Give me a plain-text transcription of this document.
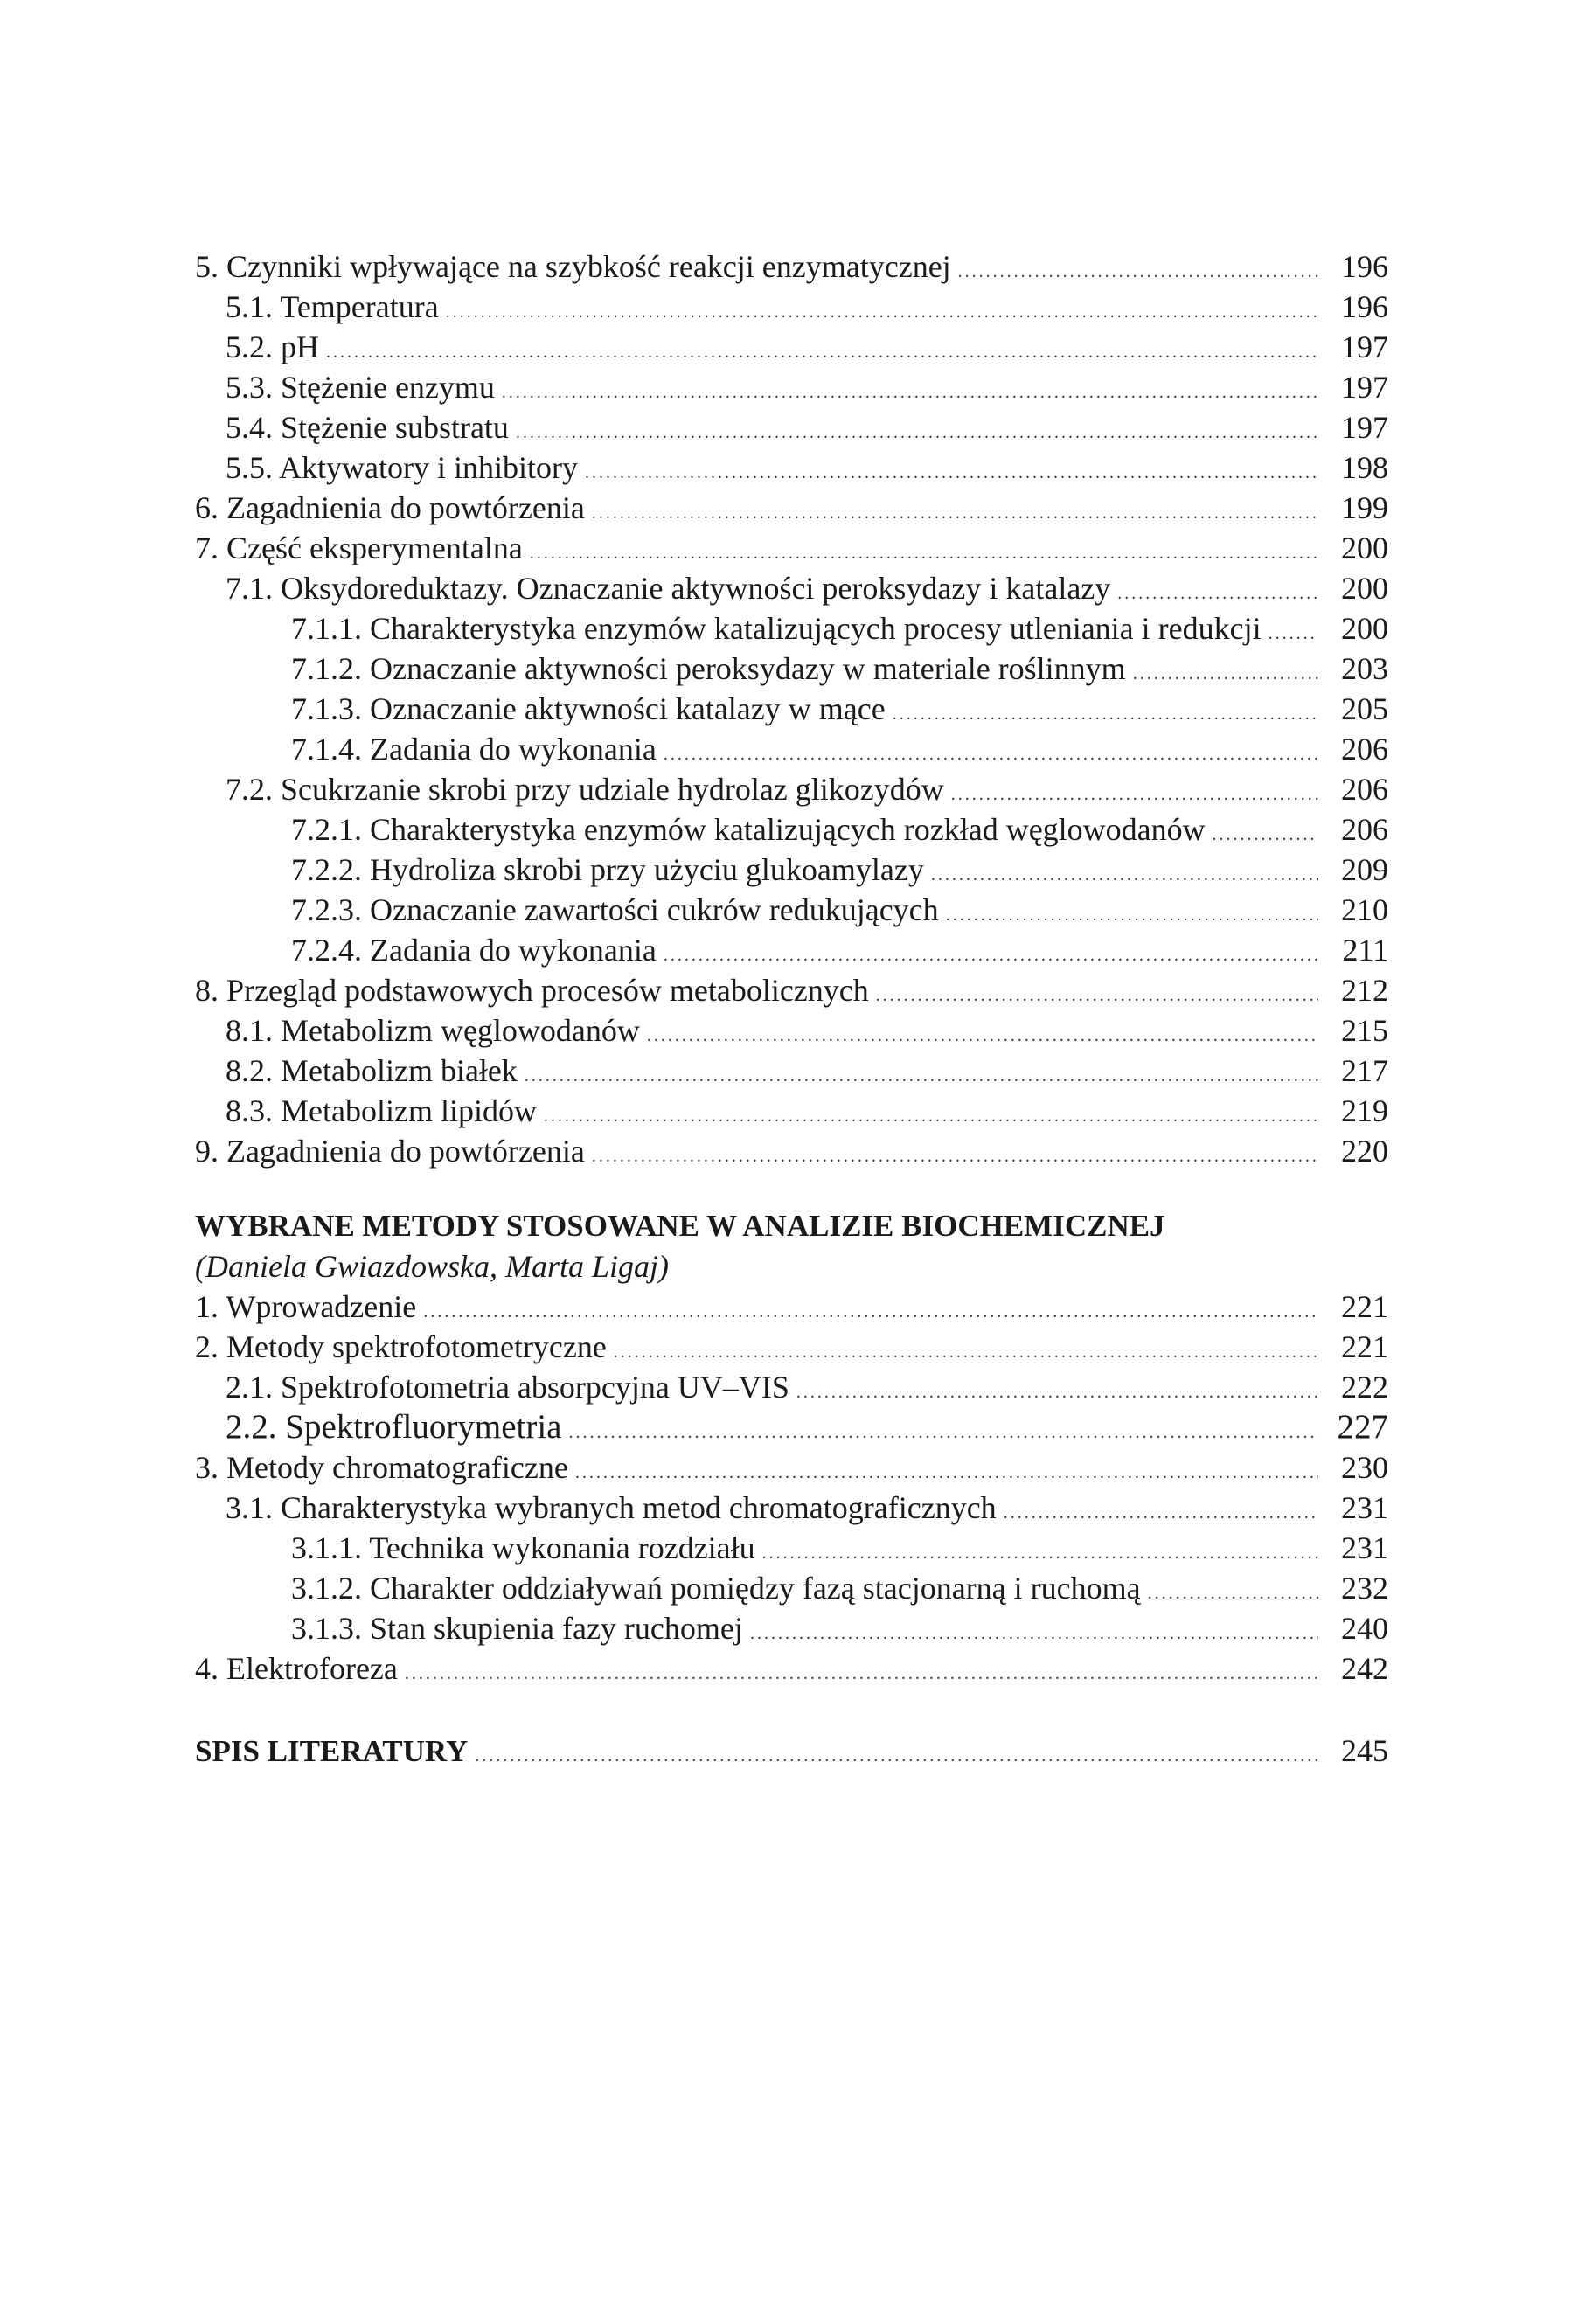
5. Czynniki wpływające na szybkość reakcji enzymatycznej .....	196
5.1. Temperatura .....	196
5.2. pH .....	197
5.3. Stężenie enzymu .....	197
5.4. Stężenie substratu .....	197
5.5. Aktywatory i inhibitory .....	198
6. Zagadnienia do powtórzenia .....	199
7. Część eksperymentalna .....	200
7.1. Oksydoreduktazy. Oznaczanie aktywności peroksydazy i katalazy .....	200
7.1.1. Charakterystyka enzymów katalizujących procesy utleniania i redukcji .....	200
7.1.2. Oznaczanie aktywności peroksydazy w materiale roślinnym .....	203
7.1.3. Oznaczanie aktywności katalazy w mące .....	205
7.1.4. Zadania do wykonania .....	206
7.2. Scukrzanie skrobi przy udziale hydrolaz glikozydów .....	206
7.2.1. Charakterystyka enzymów katalizujących rozkład węglowodanów .....	206
7.2.2. Hydroliza skrobi przy użyciu glukoamylazy .....	209
7.2.3. Oznaczanie zawartości cukrów redukujących .....	210
7.2.4. Zadania do wykonania .....	211
8. Przegląd podstawowych procesów metabolicznych .....	212
8.1. Metabolizm węglowodanów .....	215
8.2. Metabolizm białek .....	217
8.3. Metabolizm lipidów .....	219
9. Zagadnienia do powtórzenia .....	220
WYBRANE METODY STOSOWANE W ANALIZIE BIOCHEMICZNEJ
(Daniela Gwiazdowska, Marta Ligaj)
1. Wprowadzenie .....	221
2. Metody spektrofotometryczne .....	221
2.1. Spektrofotometria absorpcyjna UV–VIS .....	222
2.2. Spektrofluorymetria .....	227
3. Metody chromatograficzne .....	230
3.1. Charakterystyka wybranych metod chromatograficznych .....	231
3.1.1. Technika wykonania rozdziału .....	231
3.1.2. Charakter oddziaływań pomiędzy fazą stacjonarną i ruchomą .....	232
3.1.3. Stan skupienia fazy ruchomej .....	240
4. Elektroforeza .....	242
SPIS LITERATURY .....	245
